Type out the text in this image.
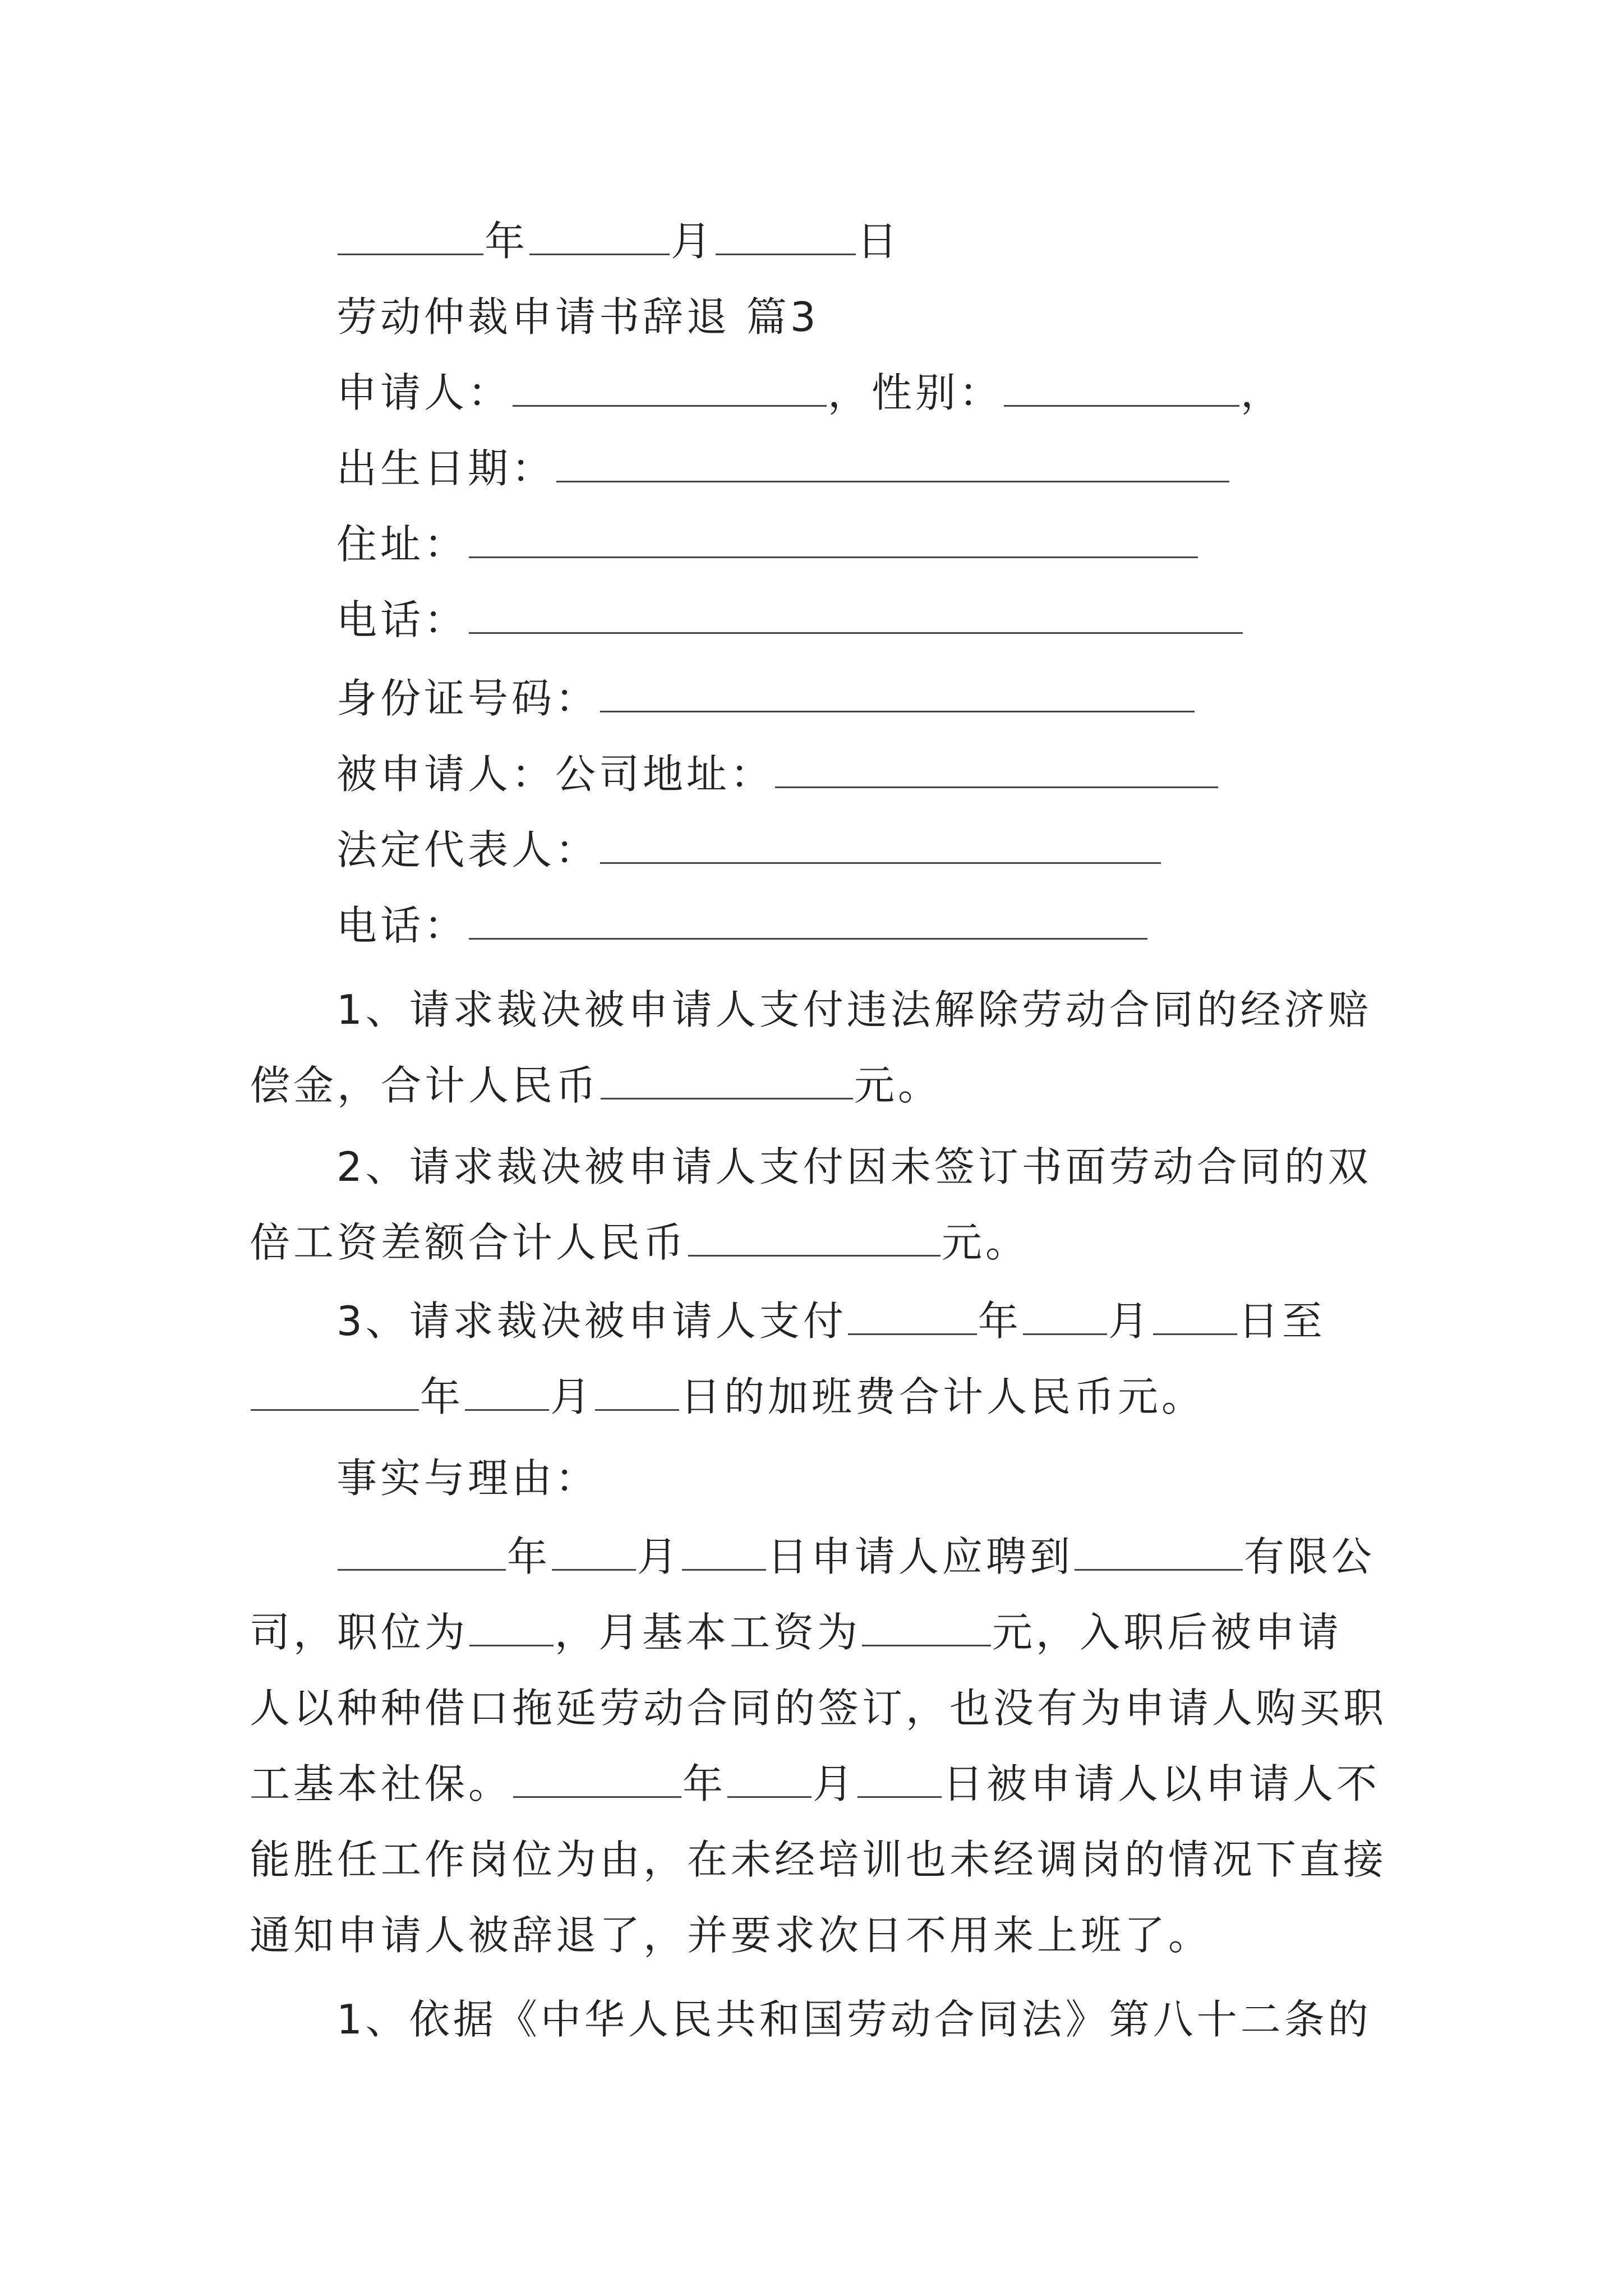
年	月	日
劳动仲裁申请书辞退 篇3
申请人：	，性别：	，
出生日期：
住址：
电话：
身份证号码：
被申请人：公司地址：
法定代表人：
电话：
1、请求裁决被申请人支付违法解除劳动合同的经济赔
偿金，合计人民币	元。
2、请求裁决被申请人支付因未签订书面劳动合同的双
倍工资差额合计人民币	元。
3、请求裁决被申请人支付	年 月 日至
年 月 日的加班费合计人民币元。
事实与理由：
年 月 日申请人应聘到	有限公
司，职位为 ，月基本工资为	元，入职后被申请
人以种种借口拖延劳动合同的签订，也没有为申请人购买职
工基本社保。	年 月 日被申请人以申请人不
能胜任工作岗位为由，在未经培训也未经调岗的情况下直接
通知申请人被辞退了，并要求次日不用来上班了。
1、依据《中华人民共和国劳动合同法》第八十二条的
